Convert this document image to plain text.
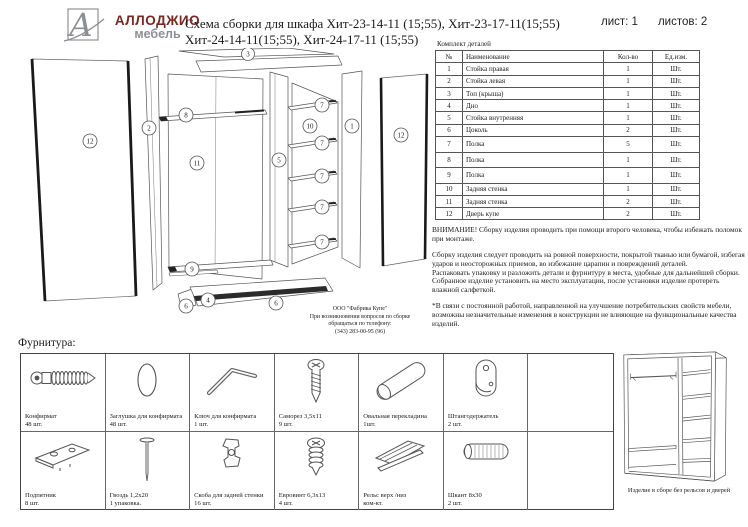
А	АЛЛОДЖИО
мебель
Схема сборки для шкафа Хит-23-14-11 (15;55), Хит-23-17-11(15;55)
Хит-24-14-11(15;55), Хит-24-17-11 (15;55)
лист: 1 листов: 2
Комплект деталей
№	Наименование	Кол-во	Ед.изм.
1	Стойка правая	1	Шт.
2	Стойка левая	1	Шт.
3	Топ (крыша)	1	Шт.
4	Дно	1	Шт.
5	Стойка внутренняя	1	Шт.
6	Цоколь	2	Шт.
7	Полка	5	Шт.
8	Полка	1	Шт.
9	Полка	1	Шт.
10	Задняя стенка	1	Шт.
11	Задняя стенка	2	Шт.
12	Дверь купе	2	Шт.
ВНИМАНИЕ! Сборку изделия проводить при помощи второго человека, чтобы избежать поломок при монтаже.
Сборку изделия следует проводить на ровной поверхности, покрытой тканью или бумагой, избегая ударов и неосторожных приемов, во избежание царапин и повреждений деталей.
Распаковать упаковку и разложить детали и фурнитуру в места, удобные для дальнейшей сборки.
Собранное изделие установить на место эксплуатации, после установки изделие протереть влажной салфеткой.
*В связи с постоянной работой, направленной на улучшение потребительских свойств мебели, возможны незначительные изменения в конструкции не влияющие на функциональные качества изделий.
ООО "Фабрика Купе"
При возникновении вопросов по сборке
обращаться по телефону:
(343) 283-00-95 (96)
12
2
3
8
11
9
5
10
7
7
7
7
7
1
12
6
4	6
Фурнитура:
Конфирмат
48 шт.
Заглушка для конфирмата
48 шт.
Ключ для конфирмата
1 шт.
Саморез 3,5х11
9 шт.
Овальная перекладина
1шт.
Штангодержатель
2 шт.
Подпятник
8 шт.
Гвоздь 1,2х20
1 упаковка.
Скоба для задней стенки
16 шт.
Евровинт 6,3х13
4 шт.
Рельс верх /низ
ком-кт.
Шкант 8х30
2 шт.
Изделие в сборе без рельсов и дверей
